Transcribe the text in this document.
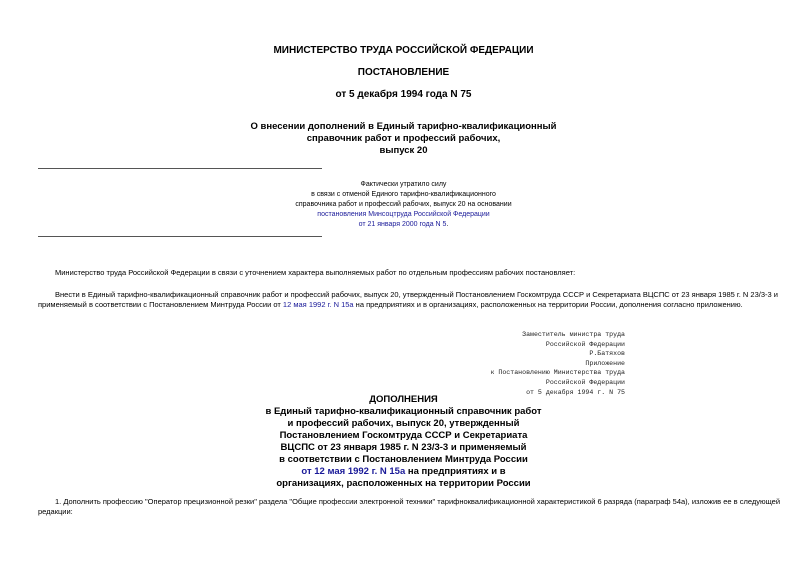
МИНИСТЕРСТВО ТРУДА РОССИЙСКОЙ ФЕДЕРАЦИИ
ПОСТАНОВЛЕНИЕ
от 5 декабря 1994 года N 75
О внесении дополнений в Единый тарифно-квалификационный
справочник работ и профессий рабочих,
выпуск 20
Фактически утратило силу
в связи с отменой Единого тарифно-квалификационного
справочника работ и профессий рабочих, выпуск 20 на основании
постановления Минсоцтруда Российской Федерации
от 21 января 2000 года N 5.
Министерство труда Российской Федерации в связи с уточнением характера выполняемых работ по отдельным профессиям рабочих постановляет:
Внести в Единый тарифно-квалификационный справочник работ и профессий рабочих, выпуск 20, утвержденный Постановлением Госкомтруда СССР и Секретариата ВЦСПС от 23 января 1985 г. N 23/3-3 и
применяемый в соответствии с Постановлением Минтруда России от 12 мая 1992 г. N 15а на предприятиях и в организациях, расположенных на территории России, дополнения согласно приложению.
Заместитель министра труда
Российской Федерации
Р.Батяхов
Приложение
к Постановлению Министерства труда
Российской Федерации
от 5 декабря 1994 г. N 75
ДОПОЛНЕНИЯ
в Единый тарифно-квалификационный справочник работ
и профессий рабочих, выпуск 20, утвержденный
Постановлением Госкомтруда СССР и Секретариата
ВЦСПС от 23 января 1985 г. N 23/3-3 и применяемый
в соответствии с Постановлением Минтруда России
от 12 мая 1992 г. N 15а на предприятиях и в
организациях, расположенных на территории России
1. Дополнить профессию "Оператор прецизионной резки" раздела "Общие профессии электронной техники" тарифноквалификационной характеристикой 6 разряда (параграф 54а), изложив ее в следующей
редакции:
